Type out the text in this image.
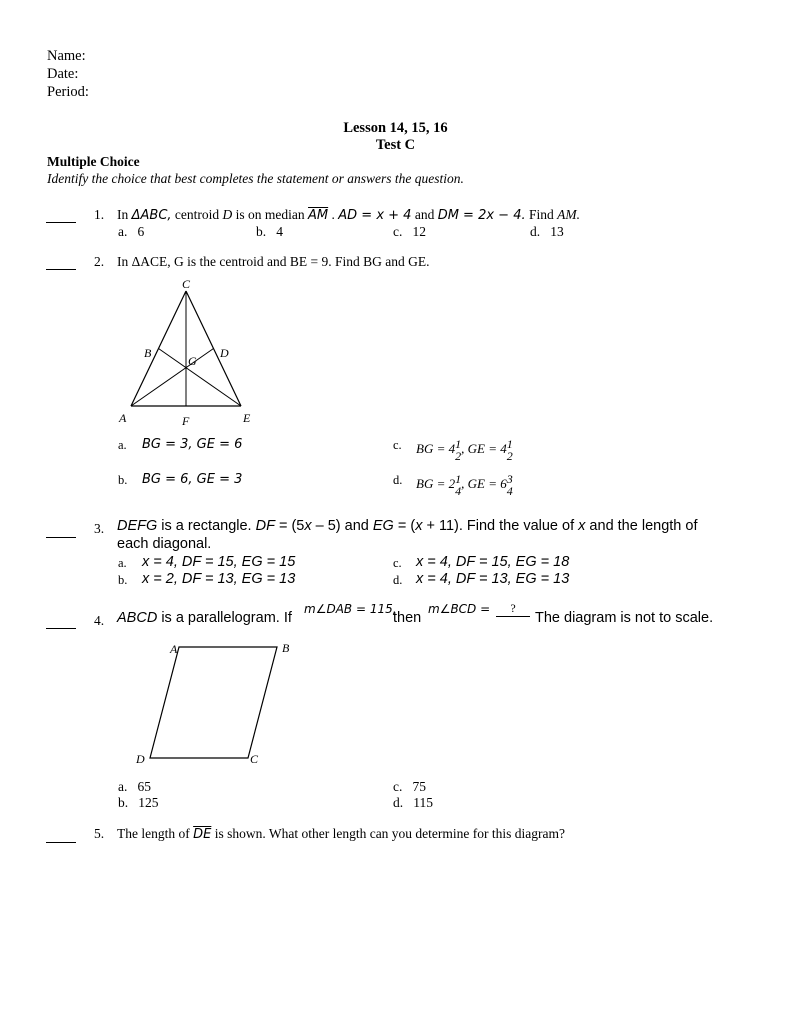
Name:
Date:
Period:
Lesson 14, 15, 16
Test C
Multiple Choice
Identify the choice that best completes the statement or answers the question.
1. In ΔABC, centroid D is on median $\overline{AM}$ . AD = x + 4 and DM = 2x − 4. Find AM.
a. 6	b. 4	c. 12	d. 13
2. In ΔACE, G is the centroid and BE = 9. Find BG and GE.
C
B	D
G
A	F	E
a. BG = 3, GE = 6
b. BG = 6, GE = 3
c. BG = 4 1
2
, GE = 4 1
2
d. BG = 2 1
4
, GE = 6 3
4
3. DEFG is a rectangle. DF = (5x – 5) and EG = (x + 11). Find the value of x and the length of
each diagonal.
a. x = 4, DF = 15, EG = 15
b. x = 2, DF = 13, EG = 13
c. x = 4, DF = 15, EG = 18
d. x = 4, DF = 13, EG = 13
4. ABCD is a parallelogram. If
m∠DAB = 115,
then
m∠BCD =	?
The diagram is not to scale.
A	B
C
D
a. 65
b. 125
c. 75
d. 115
5. The length of $\overline{DE}$ is shown. What other length can you determine for this diagram?
